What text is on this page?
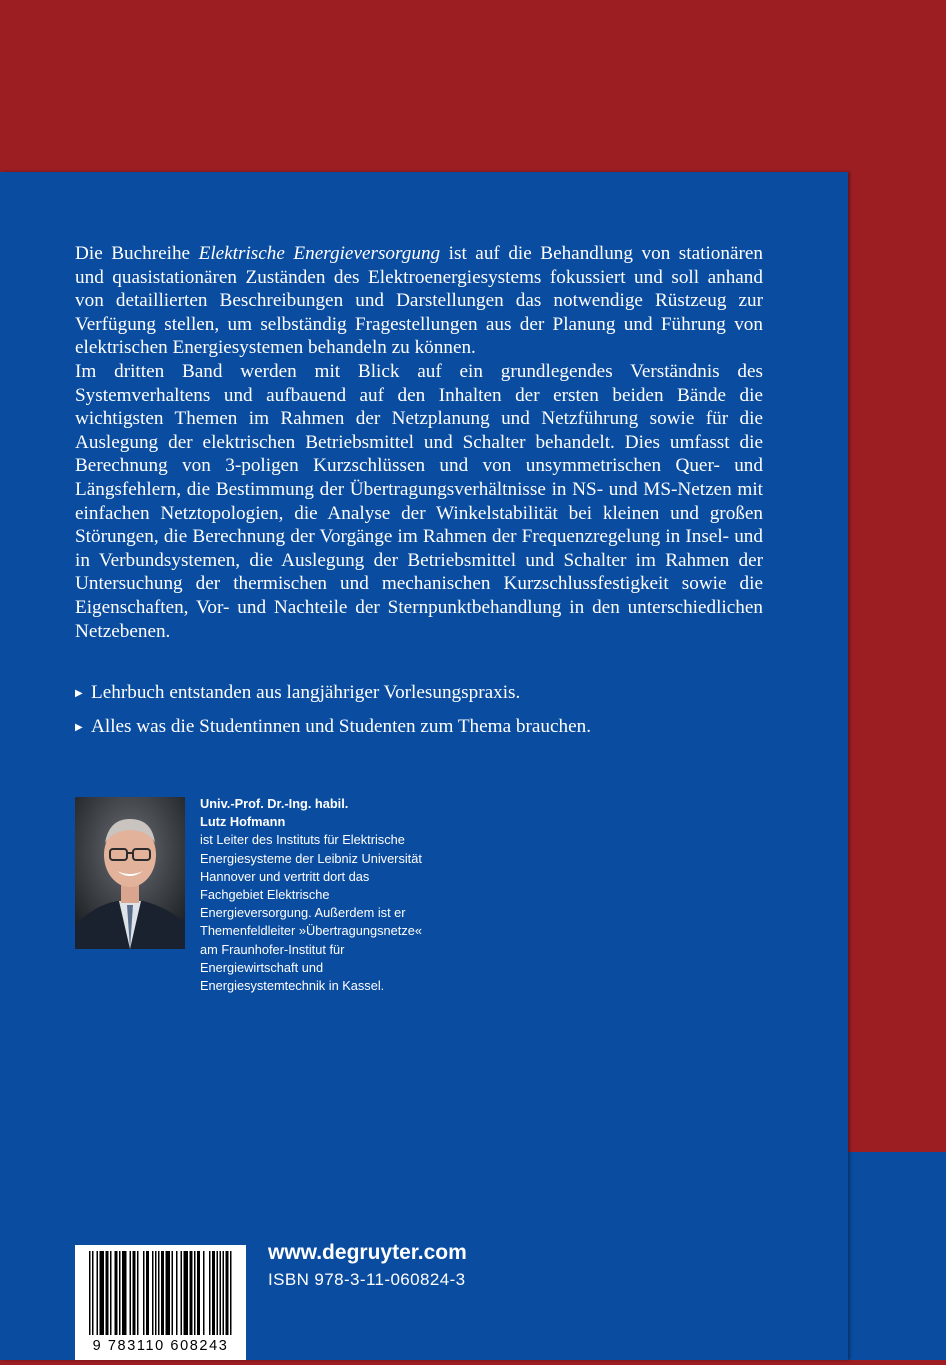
Die Buchreihe Elektrische Energieversorgung ist auf die Behandlung von stationären und quasistationären Zuständen des Elektroenergiesystems fokussiert und soll anhand von detaillierten Beschreibungen und Darstellungen das notwendige Rüstzeug zur Verfügung stellen, um selbständig Fragestellungen aus der Planung und Führung von elektrischen Energiesystemen behandeln zu können.

Im dritten Band werden mit Blick auf ein grundlegendes Verständnis des Systemverhaltens und aufbauend auf den Inhalten der ersten beiden Bände die wichtigsten Themen im Rahmen der Netzplanung und Netzführung sowie für die Auslegung der elektrischen Betriebsmittel und Schalter behandelt. Dies umfasst die Berechnung von 3-poligen Kurzschlüssen und von unsymmetrischen Quer- und Längsfehlern, die Bestimmung der Übertragungsverhältnisse in NS- und MS-Netzen mit einfachen Netztopologien, die Analyse der Winkelstabilität bei kleinen und großen Störungen, die Berechnung der Vorgänge im Rahmen der Frequenzregelung in Insel- und in Verbundsystemen, die Auslegung der Betriebsmittel und Schalter im Rahmen der Untersuchung der thermischen und mechanischen Kurzschlussfestigkeit sowie die Eigenschaften, Vor- und Nachteile der Sternpunktbehandlung in den unterschiedlichen Netzebenen.

▶ Lehrbuch entstanden aus langjähriger Vorlesungspraxis.
▶ Alles was die Studentinnen und Studenten zum Thema brauchen.
Univ.-Prof. Dr.-Ing. habil.
Lutz Hofmann
ist Leiter des Instituts für Elektrische Energiesysteme der Leibniz Universität Hannover und vertritt dort das Fachgebiet Elektrische Energieversorgung. Außerdem ist er Themenfeldleiter »Übertragungsnetze« am Fraunhofer-Institut für Energiewirtschaft und Energiesystemtechnik in Kassel.
9 783110 608243
www.degruyter.com
ISBN 978-3-11-060824-3
